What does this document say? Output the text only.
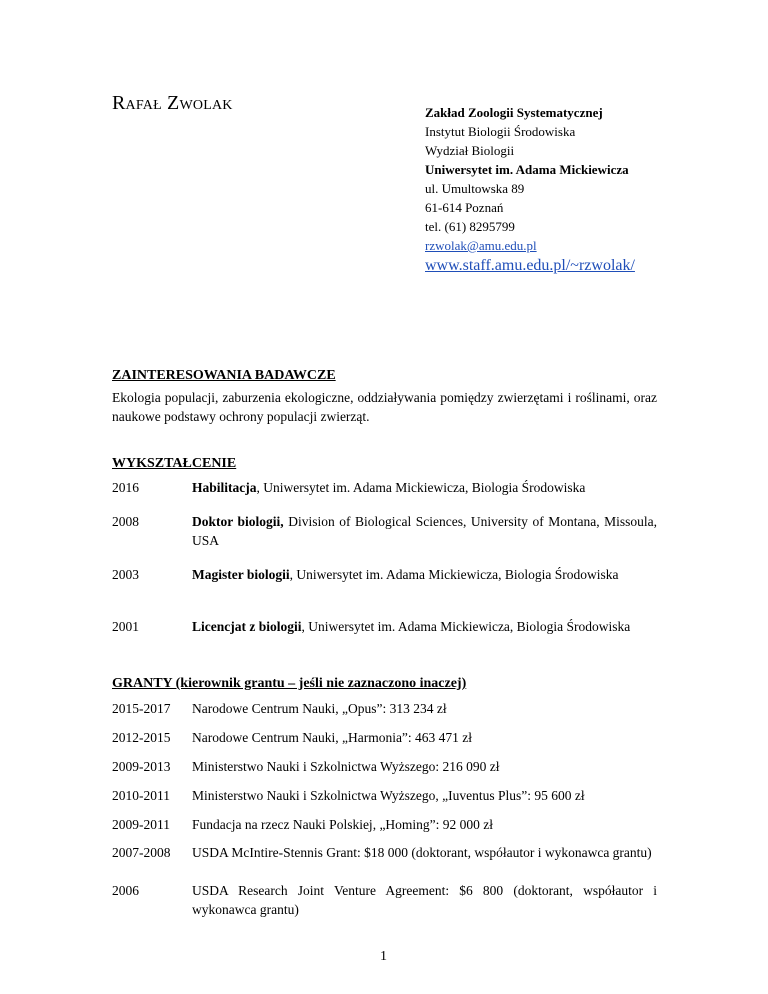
Rafał Zwolak	Zakład Zoologii Systematycznej
Instytut Biologii Środowiska
Wydział Biologii
Uniwersytet im. Adama Mickiewicza
ul. Umultowska 89
61-614 Poznań
tel. (61) 8295799
rzwolak@amu.edu.pl
www.staff.amu.edu.pl/~rzwolak/
ZAINTERESOWANIA BADAWCZE
Ekologia populacji, zaburzenia ekologiczne, oddziaływania pomiędzy zwierzętami i roślinami, oraz naukowe podstawy ochrony populacji zwierząt.
WYKSZTAŁCENIE
2016	Habilitacja, Uniwersytet im. Adama Mickiewicza, Biologia Środowiska
2008	Doktor biologii, Division of Biological Sciences, University of Montana, Missoula, USA
2003	Magister biologii, Uniwersytet im. Adama Mickiewicza, Biologia Środowiska
2001	Licencjat z biologii, Uniwersytet im. Adama Mickiewicza, Biologia Środowiska
GRANTY (kierownik grantu – jeśli nie zaznaczono inaczej)
2015-2017	Narodowe Centrum Nauki, „Opus”: 313 234 zł
2012-2015	Narodowe Centrum Nauki, „Harmonia”: 463 471 zł
2009-2013	Ministerstwo Nauki i Szkolnictwa Wyższego: 216 090 zł
2010-2011	Ministerstwo Nauki i Szkolnictwa Wyższego, „Iuventus Plus”: 95 600 zł
2009-2011	Fundacja na rzecz Nauki Polskiej, „Homing”: 92 000 zł
2007-2008	USDA McIntire-Stennis Grant: $18 000 (doktorant, współautor i wykonawca grantu)
1
2006	USDA Research Joint Venture Agreement: $6 800 (doktorant, współautor i wykonawca grantu)
